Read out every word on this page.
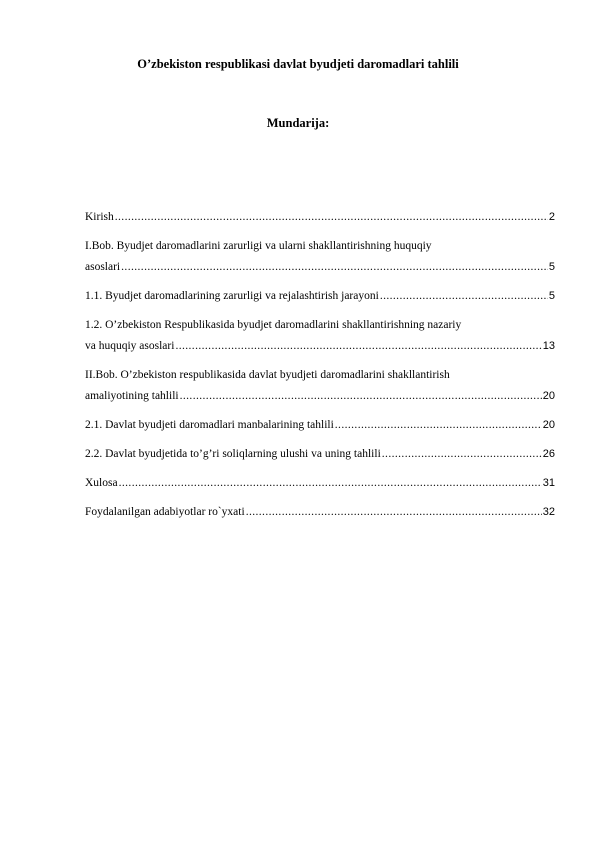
O’zbekiston respublikasi davlat byudjeti daromadlari tahlili
Mundarija:
Kirish .....	2
I.Bob. Byudjet daromadlarini zarurligi va ularni shakllantirishning huquqiy
asoslari .....	5
1.1. Byudjet daromadlarining zarurligi va rejalashtirish jarayoni .....	5
1.2. O’zbekiston Respublikasida byudjet daromadlarini shakllantirishning nazariy
va huquqiy asoslari .....	13
II.Bob. O’zbekiston respublikasida davlat byudjeti daromadlarini shakllantirish
amaliyotining tahlili .....	20
2.1. Davlat byudjeti daromadlari manbalarining tahlili .....	20
2.2. Davlat byudjetida to’g’ri soliqlarning ulushi va uning tahlili .....	26
Xulosa .....	31
Foydalanilgan adabiyotlar ro`yxati .....	32
